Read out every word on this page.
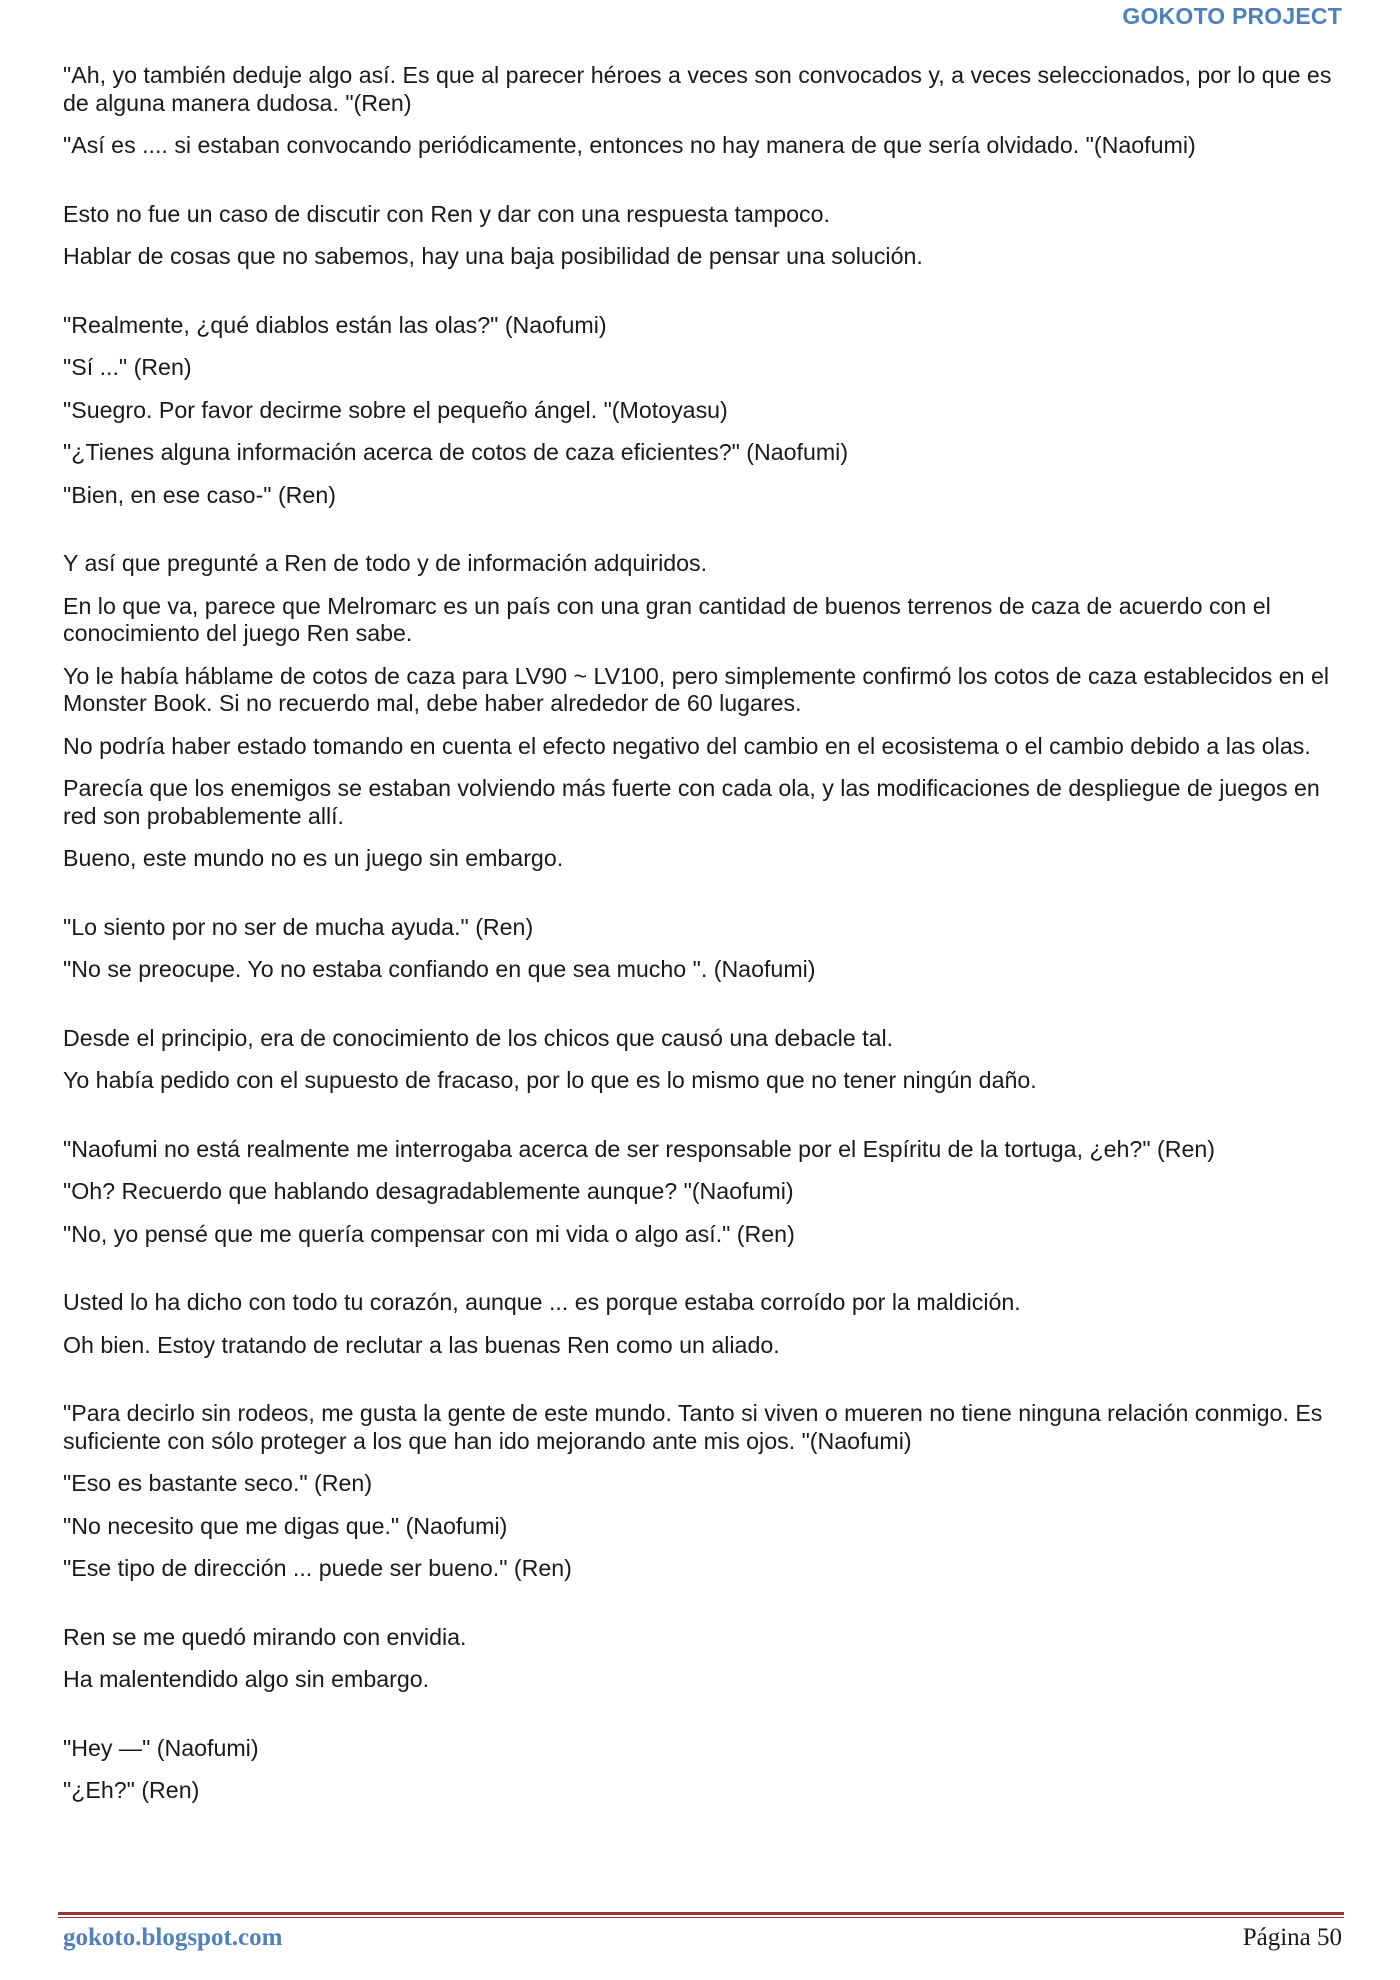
GOKOTO PROJECT

"Ah, yo también deduje algo así. Es que al parecer héroes a veces son convocados y, a veces seleccionados, por lo que es de alguna manera dudosa. "(Ren)

"Así es .... si estaban convocando periódicamente, entonces no hay manera de que sería olvidado. "(Naofumi)

Esto no fue un caso de discutir con Ren y dar con una respuesta tampoco.

Hablar de cosas que no sabemos, hay una baja posibilidad de pensar una solución.

"Realmente, ¿qué diablos están las olas?" (Naofumi)

"Sí ..." (Ren)

"Suegro. Por favor decirme sobre el pequeño ángel. "(Motoyasu)

"¿Tienes alguna información acerca de cotos de caza eficientes?" (Naofumi)

"Bien, en ese caso-" (Ren)

Y así que pregunté a Ren de todo y de información adquiridos.

En lo que va, parece que Melromarc es un país con una gran cantidad de buenos terrenos de caza de acuerdo con el conocimiento del juego Ren sabe.

Yo le había háblame de cotos de caza para LV90 ~ LV100, pero simplemente confirmó los cotos de caza establecidos en el Monster Book. Si no recuerdo mal, debe haber alrededor de 60 lugares.

No podría haber estado tomando en cuenta el efecto negativo del cambio en el ecosistema o el cambio debido a las olas.

Parecía que los enemigos se estaban volviendo más fuerte con cada ola, y las modificaciones de despliegue de juegos en red son probablemente allí.

Bueno, este mundo no es un juego sin embargo.

"Lo siento por no ser de mucha ayuda." (Ren)

"No se preocupe. Yo no estaba confiando en que sea mucho ". (Naofumi)

Desde el principio, era de conocimiento de los chicos que causó una debacle tal.

Yo había pedido con el supuesto de fracaso, por lo que es lo mismo que no tener ningún daño.

"Naofumi no está realmente me interrogaba acerca de ser responsable por el Espíritu de la tortuga, ¿eh?" (Ren)

"Oh? Recuerdo que hablando desagradablemente aunque? "(Naofumi)

"No, yo pensé que me quería compensar con mi vida o algo así." (Ren)

Usted lo ha dicho con todo tu corazón, aunque ... es porque estaba corroído por la maldición.

Oh bien. Estoy tratando de reclutar a las buenas Ren como un aliado.

"Para decirlo sin rodeos, me gusta la gente de este mundo. Tanto si viven o mueren no tiene ninguna relación conmigo. Es suficiente con sólo proteger a los que han ido mejorando ante mis ojos. "(Naofumi)

"Eso es bastante seco." (Ren)

"No necesito que me digas que." (Naofumi)

"Ese tipo de dirección ... puede ser bueno." (Ren)

Ren se me quedó mirando con envidia.

Ha malentendido algo sin embargo.

"Hey —" (Naofumi)

"¿Eh?" (Ren)

gokoto.blogspot.com	Página 50
